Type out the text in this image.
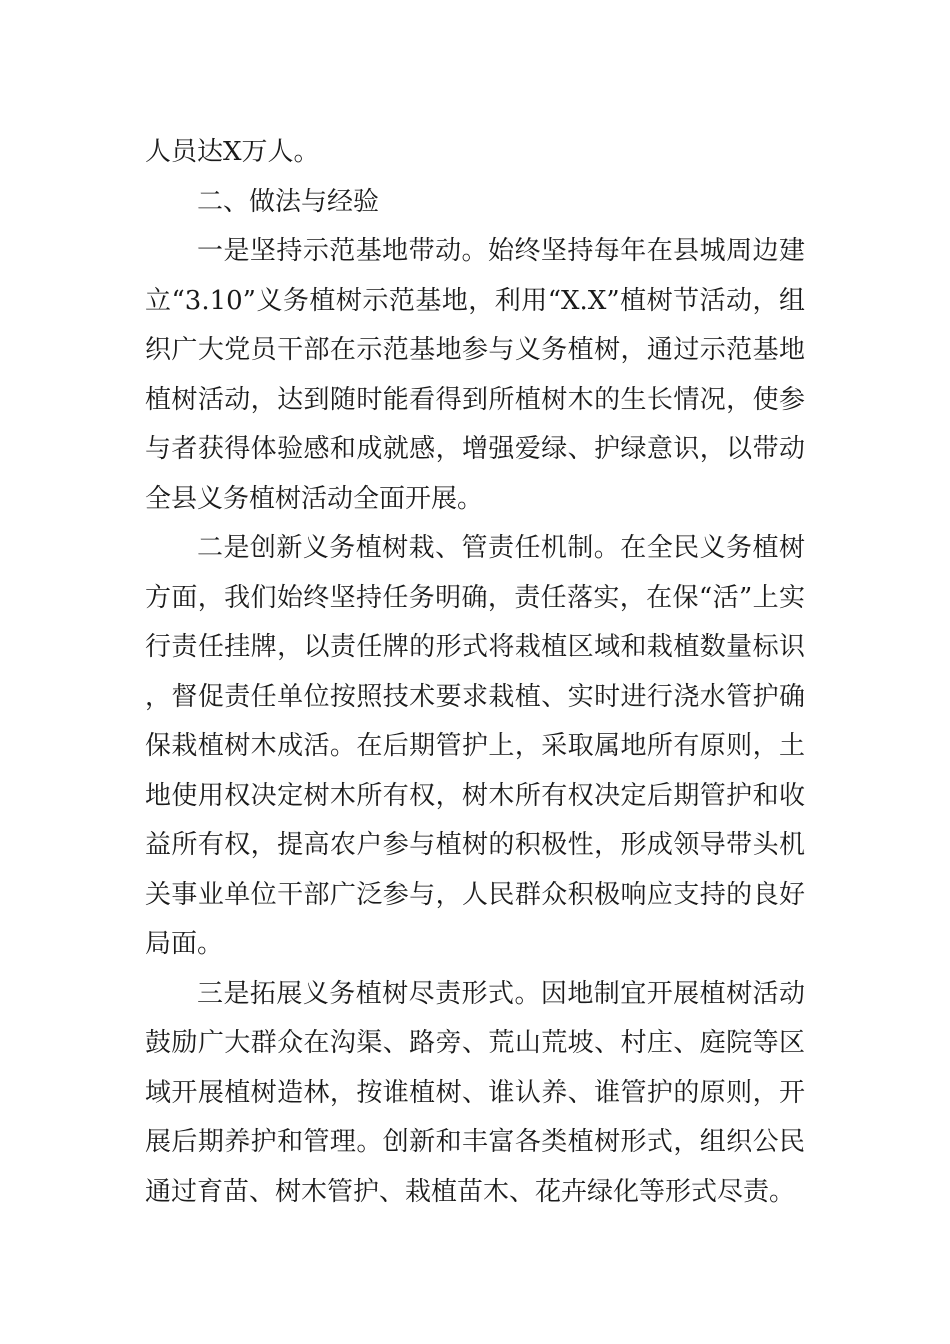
人员达X万人。

二、做法与经验

一是坚持示范基地带动。始终坚持每年在县城周边建立“3.10”义务植树示范基地，利用“X.X”植树节活动，组织广大党员干部在示范基地参与义务植树，通过示范基地植树活动，达到随时能看得到所植树木的生长情况，使参与者获得体验感和成就感，增强爱绿、护绿意识，以带动全县义务植树活动全面开展。

二是创新义务植树栽、管责任机制。在全民义务植树方面，我们始终坚持任务明确，责任落实，在保“活”上实行责任挂牌，以责任牌的形式将栽植区域和栽植数量标识，督促责任单位按照技术要求栽植、实时进行浇水管护确保栽植树木成活。在后期管护上，采取属地所有原则，土地使用权决定树木所有权，树木所有权决定后期管护和收益所有权，提高农户参与植树的积极性，形成领导带头机关事业单位干部广泛参与，人民群众积极响应支持的良好局面。

三是拓展义务植树尽责形式。因地制宜开展植树活动鼓励广大群众在沟渠、路旁、荒山荒坡、村庄、庭院等区域开展植树造林，按谁植树、谁认养、谁管护的原则，开展后期养护和管理。创新和丰富各类植树形式，组织公民通过育苗、树木管护、栽植苗木、花卉绿化等形式尽责。
